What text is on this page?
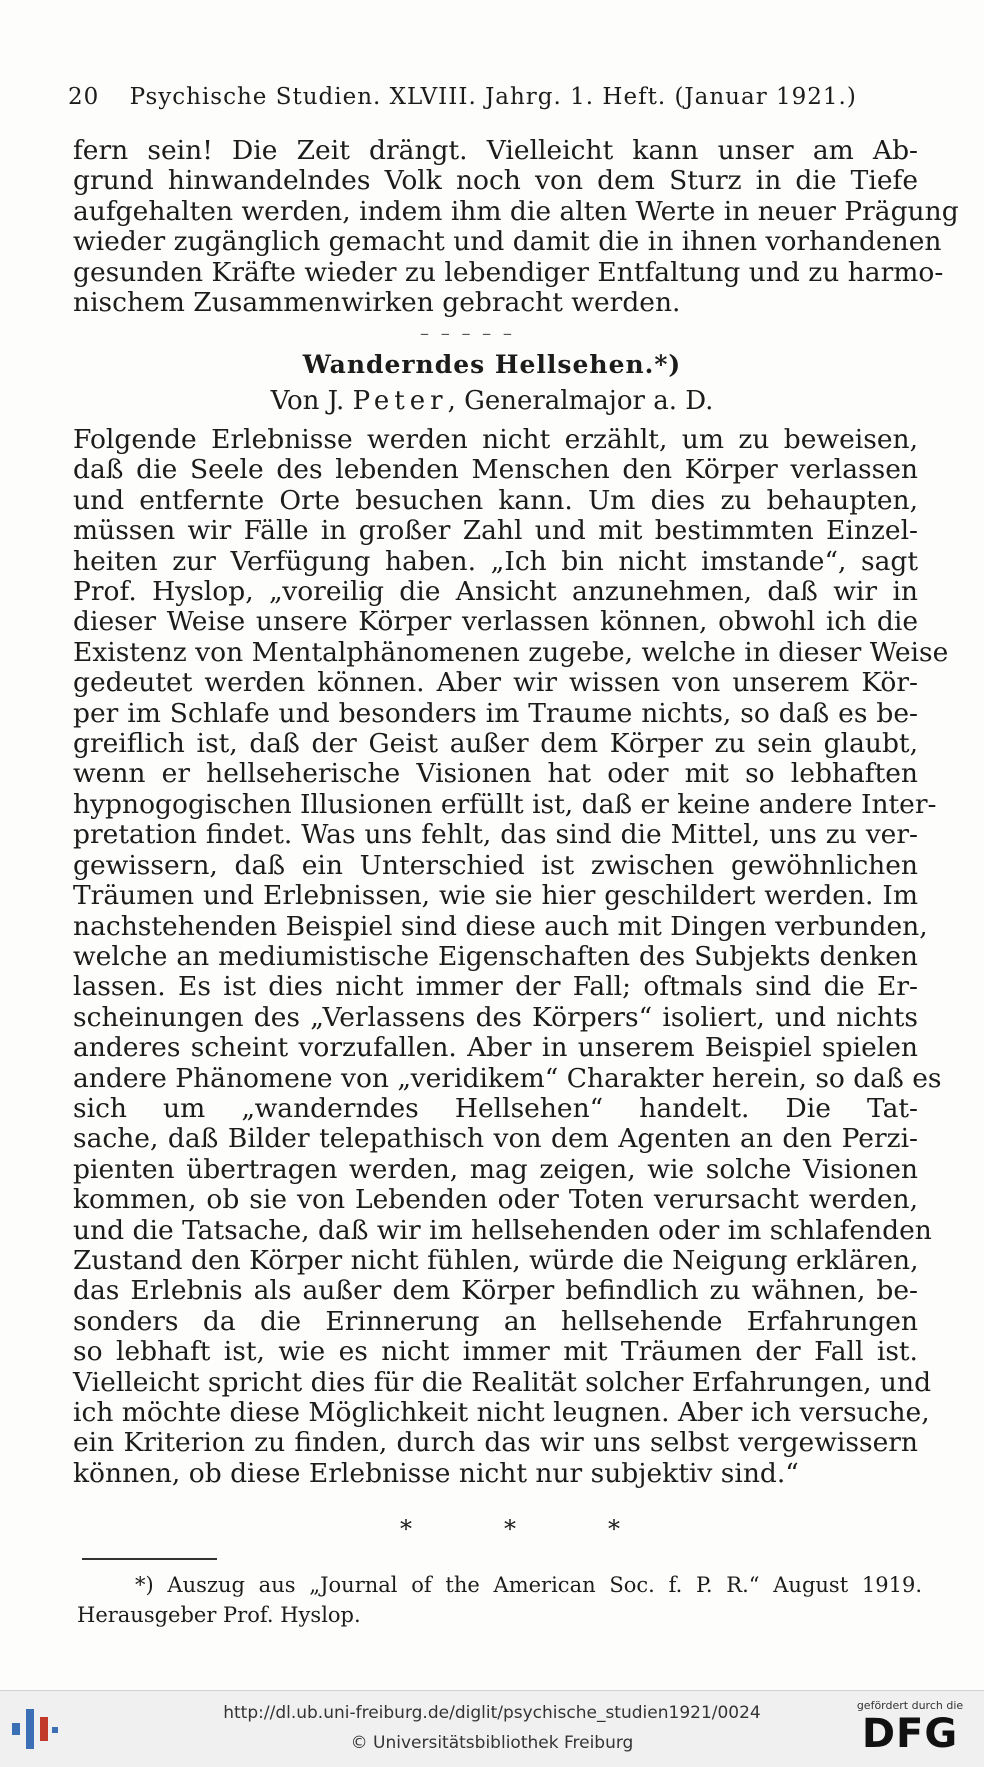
20 Psychische Studien. XLVIII. Jahrg. 1. Heft. (Januar 1921.)
fern sein! Die Zeit drängt. Vielleicht kann unser am Ab-
grund hinwandelndes Volk noch von dem Sturz in die Tiefe
aufgehalten werden, indem ihm die alten Werte in neuer Prägung
wieder zugänglich gemacht und damit die in ihnen vorhandenen
gesunden Kräfte wieder zu lebendiger Entfaltung und zu harmo-
nischem Zusammenwirken gebracht werden.
– – – – –
Wanderndes Hellsehen.*)
Von J. Peter, Generalmajor a. D.
Folgende Erlebnisse werden nicht erzählt, um zu beweisen,
daß die Seele des lebenden Menschen den Körper verlassen
und entfernte Orte besuchen kann. Um dies zu behaupten,
müssen wir Fälle in großer Zahl und mit bestimmten Einzel-
heiten zur Verfügung haben. „Ich bin nicht imstande“, sagt
Prof. Hyslop, „voreilig die Ansicht anzunehmen, daß wir in
dieser Weise unsere Körper verlassen können, obwohl ich die
Existenz von Mentalphänomenen zugebe, welche in dieser Weise
gedeutet werden können. Aber wir wissen von unserem Kör-
per im Schlafe und besonders im Traume nichts, so daß es be-
greiflich ist, daß der Geist außer dem Körper zu sein glaubt,
wenn er hellseherische Visionen hat oder mit so lebhaften
hypnogogischen Illusionen erfüllt ist, daß er keine andere Inter-
pretation findet. Was uns fehlt, das sind die Mittel, uns zu ver-
gewissern, daß ein Unterschied ist zwischen gewöhnlichen
Träumen und Erlebnissen, wie sie hier geschildert werden. Im
nachstehenden Beispiel sind diese auch mit Dingen verbunden,
welche an mediumistische Eigenschaften des Subjekts denken
lassen. Es ist dies nicht immer der Fall; oftmals sind die Er-
scheinungen des „Verlassens des Körpers“ isoliert, und nichts
anderes scheint vorzufallen. Aber in unserem Beispiel spielen
andere Phänomene von „veridikem“ Charakter herein, so daß es
sich um „wanderndes Hellsehen“ handelt. Die Tat-
sache, daß Bilder telepathisch von dem Agenten an den Perzi-
pienten übertragen werden, mag zeigen, wie solche Visionen
kommen, ob sie von Lebenden oder Toten verursacht werden,
und die Tatsache, daß wir im hellsehenden oder im schlafenden
Zustand den Körper nicht fühlen, würde die Neigung erklären,
das Erlebnis als außer dem Körper befindlich zu wähnen, be-
sonders da die Erinnerung an hellsehende Erfahrungen
so lebhaft ist, wie es nicht immer mit Träumen der Fall ist.
Vielleicht spricht dies für die Realität solcher Erfahrungen, und
ich möchte diese Möglichkeit nicht leugnen. Aber ich versuche,
ein Kriterion zu finden, durch das wir uns selbst vergewissern
können, ob diese Erlebnisse nicht nur subjektiv sind.“
*	*	*
*) Auszug aus „Journal of the American Soc. f. P. R.“ August 1919.
Herausgeber Prof. Hyslop.
http://dl.ub.uni-freiburg.de/diglit/psychische_studien1921/0024
© Universitätsbibliothek Freiburg
gefördert durch die
DFG
